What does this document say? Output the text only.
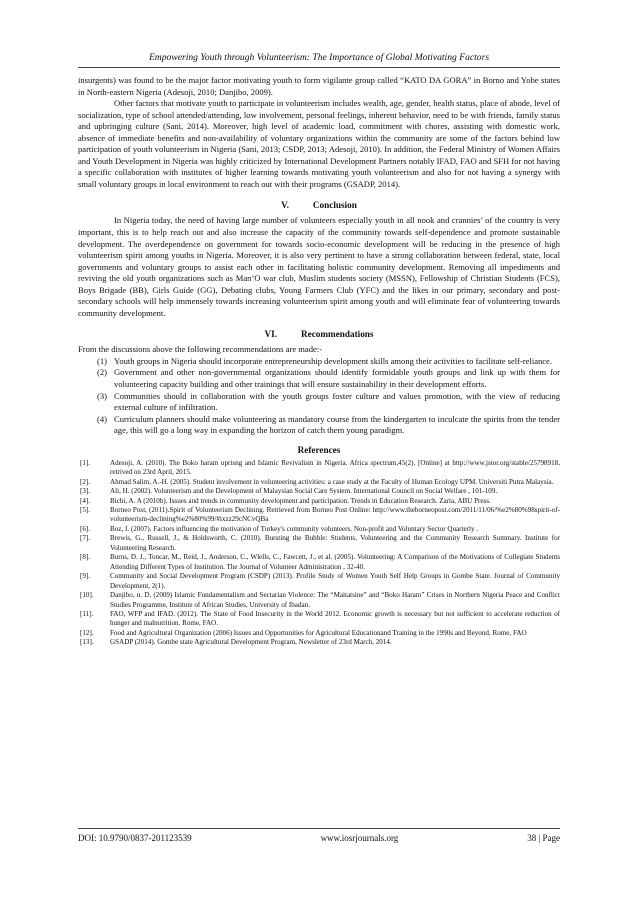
Empowering Youth through Volunteerism: The Importance of Global Motivating Factors

insurgents) was found to be the major factor motivating youth to form vigilante group called “KATO DA GORA” in Borno and Yobe states in North-eastern Nigeria (Adesoji, 2010; Danjibo, 2009).

Other factors that motivate youth to participate in volunteerism includes wealth, age, gender, health status, place of abode, level of socialization, type of school attended/attending, low involvement, personal feelings, inherent behavior, need to be with friends, family status and upbringing culture (Sani, 2014). Moreover, high level of academic load, commitment with chores, assisting with domestic work, absence of immediate benefits and non-availability of voluntary organizations within the community are some of the factors behind low participation of youth volunteerism in Nigeria (Sani, 2013; CSDP, 2013; Adesoji, 2010). In addition, the Federal Ministry of Women Affairs and Youth Development in Nigeria was highly criticized by International Development Partners notably IFAD, FAO and SFH for not having a specific collaboration with institutes of higher learning towards motivating youth volunteerism and also for not having a synergy with small voluntary groups in local environment to reach out with their programs (GSADP, 2014).

V.	Conclusion

In Nigeria today, the need of having large number of volunteers especially youth in all nook and crannies’ of the country is very important, this is to help reach out and also increase the capacity of the community towards self-dependence and promote sustainable development. The overdependence on government for towards socio-economic development will be reducing in the presence of high volunteerism spirit among youths in Nigeria. Moreover, it is also very pertinent to have a strong collaboration between federal, state, local governments and voluntary groups to assist each other in facilitating holistic community development. Removing all impediments and reviving the old youth organizations such as Man’O war club, Muslim students society (MSSN), Fellowship of Christian Students (FCS), Boys Brigade (BB), Girls Guide (GG), Debating clubs, Young Farmers Club (YFC) and the likes in our primary, secondary and post-secondary schools will help immensely towards increasing volunteerism spirit among youth and will eliminate fear of volunteering towards community development.

VI.	Recommendations

From the discussions above the following recommendations are made:-

(1) Youth groups in Nigeria should incorporate entrepreneurship development skills among their activities to facilitate self-reliance.
(2) Government and other non-governmental organizations should identify formidable youth groups and link up with them for volunteering capacity building and other trainings that will ensure sustainability in their development efforts.
(3) Communities should in collaboration with the youth groups foster culture and values promotion, with the view of reducing external culture of infiltration.
(4) Curriculum planners should make volunteering as mandatory course from the kindergarten to inculcate the spirits from the tender age, this will go a long way in expanding the horizon of catch them young paradigm.
References
[1].	Adesoji, A. (2010). The Boko haram uprisng and Islamic Revivalism in Nigeria. Africa spectrum,45(2). [Online] at http://www.jstor.org/stable/25798918, retrived on 23rd April, 2015.
[2].	Ahmad Salim, A.-H. (2005). Student involvement in volunteering activities: a case study at the Faculty of Human Ecology UPM. Universiti Putra Malaysia.
[3].	Ali, H. (2002). Volunteerism and the Development of Malaysian Social Care System. International Council on Social Welfare , 101-109.
[4].	Bichi, A. A (2010b). Issues and trends in community development and participation. Trends in Education Research. Zaria, ABU Press.
[5].	Borneo Post, (2011).Spirit of Volunteerism Declining. Retrieved from Borneo Post Online: http://www.theborneopost.com/2011/11/06/%e2%80%98spirit-of-volunteerism-declining%e2%80%99/#ixzz29cNCvQBa
[6].	Boz, I. (2007). Factors influencing the motivation of Turkey's community volunteers. Non-profit and Voluntary Sector Quarterly .
[7].	Brewis, G., Russell, J., & Holdsworth, C. (2010). Bursting the Bubble: Students, Volunteering and the Community Research Summary. Institute for Volunteering Research.
[8].	Burns, D. J., Toncar, M., Reid, J., Anderson, C., Wlells, C., Fawcett, J., et al. (2005). Volunteering: A Comparison of the Motivations of Collegiate Students Attending Different Types of Institution. The Journal of Volunteer Administration , 32-40.
[9].	Community and Social Development Program (CSDP) (2013). Profile Study of Women Youth Self Help Groups in Gombe State. Journal of Community Development, 2(1).
[10].	Danjibo, n. D. (2009) Islamic Fundamentalism and Sectarian Violence: The “Maitatsine” and “Boko Haram” Crises in Northern Nigeria Peace and Conflict Studies Programme, Institute of African Studies, University of Ibadan.
[11].	FAO, WFP and IFAD. (2012). The State of Food Insecurity in the World 2012. Economic growth is necessary but not sufficient to accelerate reduction of hunger and malnutrition. Rome, FAO.
[12].	Food and Agricultural Organization (2006) Issues and Opportunities for Agricultural Educationand Training in the 1990s and Beyond. Rome, FAO
[13].	GSADP (2014). Gombe state Agricultural Development Program, Newsletter of 23rd March, 2014.
DOI: 10.9790/0837-201123539	www.iosrjournals.org	38 | Page
